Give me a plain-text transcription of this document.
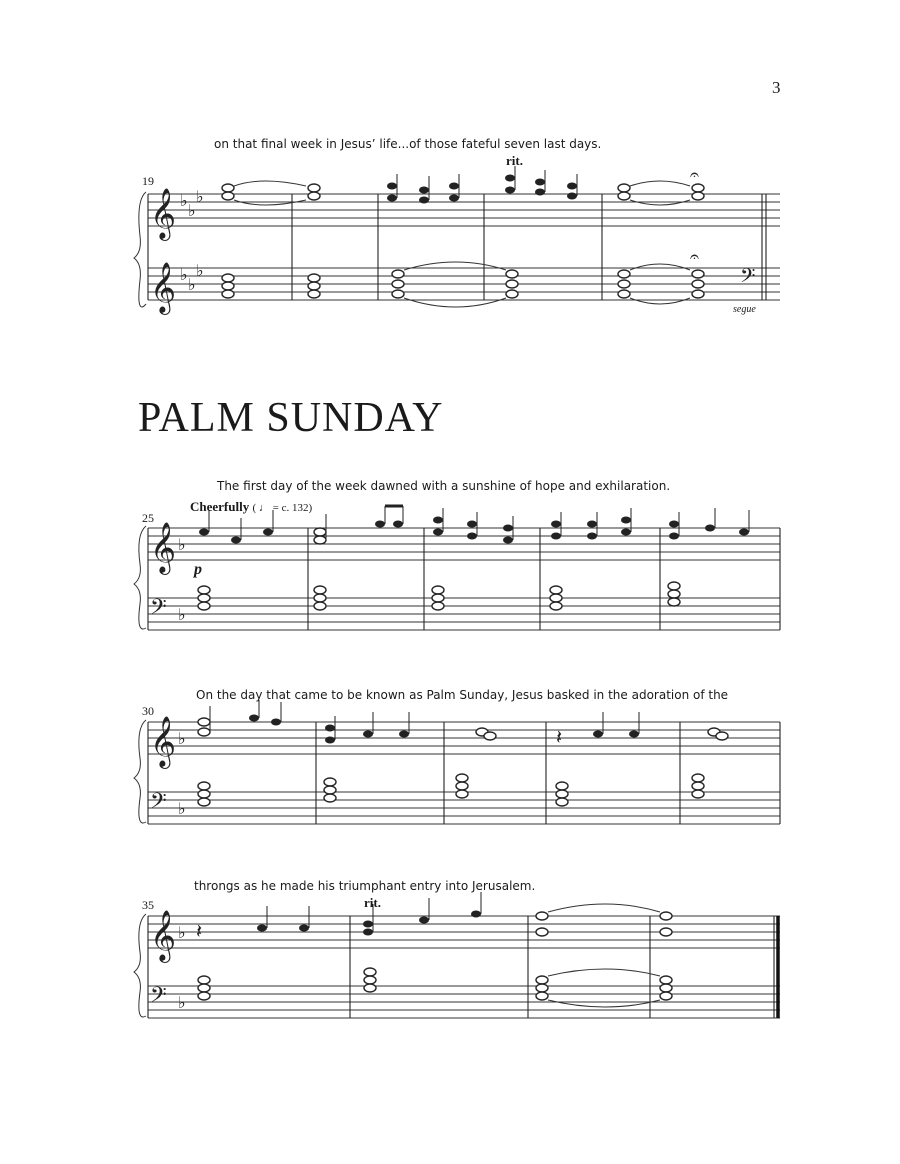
3
on that final week in Jesus’ life...of those fateful seven last days.
rit.
19
segue
𝄞
𝄞
♭
♭
♭
♭
♭
♭
𝄐
𝄐
𝄢
PALM SUNDAY
The first day of the week dawned with a sunshine of hope and exhilaration.
Cheerfully ( ♩ = c. 132)
25
p
𝄞
𝄢
♭
♭
On the day that came to be known as Palm Sunday, Jesus basked in the adoration of the
30
𝄞
𝄢
♭
♭
𝄽
throngs as he made his triumphant entry into Jerusalem.
rit.
35
𝄞
𝄢
♭
♭
𝄽
